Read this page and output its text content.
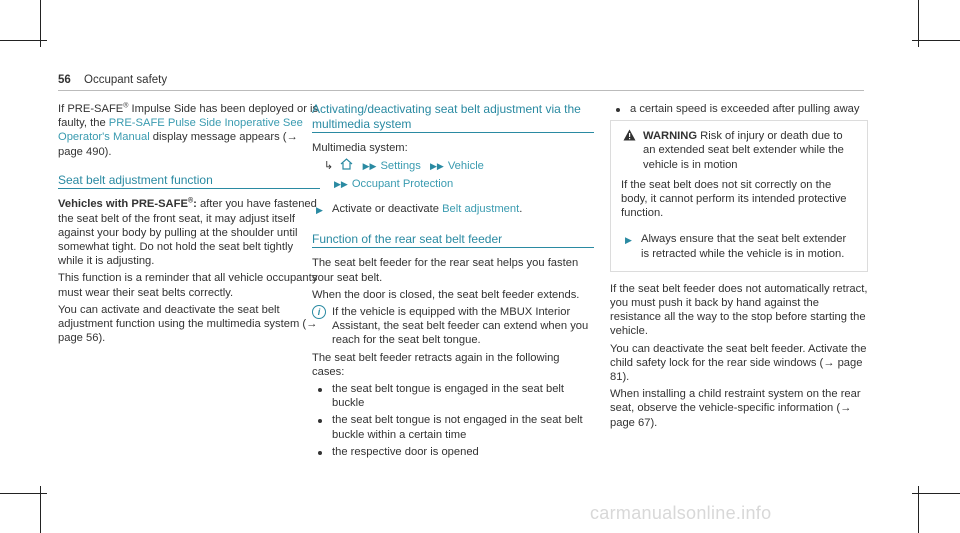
56 Occupant safety

If PRE-SAFE® Impulse Side has been deployed or is faulty, the PRE-SAFE Pulse Side Inoperative See Operator's Manual display message appears (→ page 490).

Seat belt adjustment function

Vehicles with PRE-SAFE®: after you have fastened the seat belt of the front seat, it may adjust itself against your body by pulling at the shoulder until somewhat tight. Do not hold the seat belt tightly while it is adjusting.

This function is a reminder that all vehicle occupants must wear their seat belts correctly.

You can activate and deactivate the seat belt adjustment function using the multimedia system (→ page 56).

Activating/deactivating seat belt adjustment via the multimedia system

Multimedia system:

↳	▶▶ Settings ▶▶ Vehicle
▶▶ Occupant Protection
▶ Activate or deactivate Belt adjustment.
Function of the rear seat belt feeder

The seat belt feeder for the rear seat helps you fasten your seat belt.

When the door is closed, the seat belt feeder extends.

i	If the vehicle is equipped with the MBUX Interior Assistant, the seat belt feeder can extend when you reach for the seat belt tongue.

The seat belt feeder retracts again in the following cases:

the seat belt tongue is engaged in the seat belt buckle
the seat belt tongue is not engaged in the seat belt buckle within a certain time
the respective door is opened
a certain speed is exceeded after pulling away
WARNING Risk of injury or death due to an extended seat belt extender while the vehicle is in motion

If the seat belt does not sit correctly on the body, it cannot perform its intended protective function.

▶ Always ensure that the seat belt extender is retracted while the vehicle is in motion.

If the seat belt feeder does not automatically retract, you must push it back by hand against the resistance all the way to the stop before starting the vehicle.

You can deactivate the seat belt feeder. Activate the child safety lock for the rear side windows (→ page 81).

When installing a child restraint system on the rear seat, observe the vehicle-specific information (→ page 67).

carmanualsonline.info
